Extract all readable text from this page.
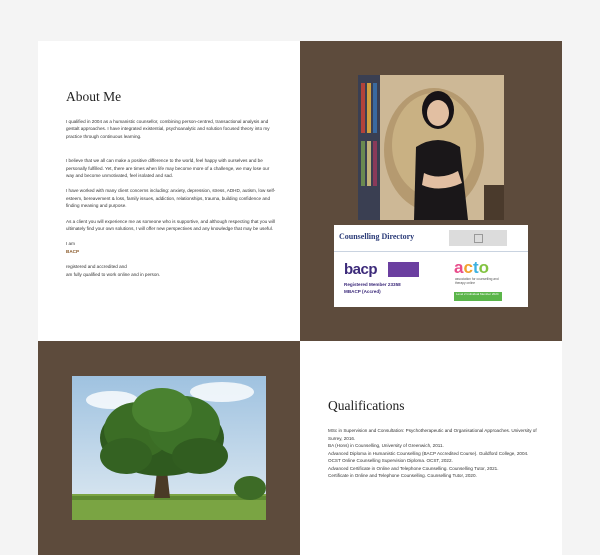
About Me

I qualified in 2004 as a humanistic counsellor, combining person-centred, transactional analysis and gestalt approaches. I have integrated existential, psychoanalytic and solution focused theory into my practice through continuous learning.

I believe that we all can make a positive difference to the world, feel happy with ourselves and be personally fulfilled. Yet, there are times when life may become more of a challenge, we may lose our way and become unmotivated, feel isolated and sad.

I have worked with many client concerns including: anxiety, depression, stress, ADHD, autism, low self-esteem, bereavement & loss, family issues, addiction, relationships, trauma, building confidence and finding meaning and purpose.

As a client you will experience me as someone who is supportive, and although respecting that you will ultimately find your own solutions, I will offer new perspectives and any knowledge that may be useful.

I am

BACP

registered and accredited and

am fully qualified to work online and in person.

Counselling Directory
bacp
Registered Member 23358
MBACP (Accred)
acto
association for counselling and therapy online
Level 2 Individual Member 2024
Qualifications
MSc in Supervision and Consultation: Psychotherapeutic and Organisational Approaches. University of Surrey, 2016.
BA (Hons) in Counselling, University of Greenwich, 2011.
Advanced Diploma in Humanistic Counselling (BACP Accredited Course). Guildford College, 2004.
OCST Online Counselling Supervision Diploma. OCST, 2022.
Advanced Certificate in Online and Telephone Counselling. Counselling Tutor, 2021.
Certificate in Online and Telephone Counselling. Counselling Tutor, 2020.
